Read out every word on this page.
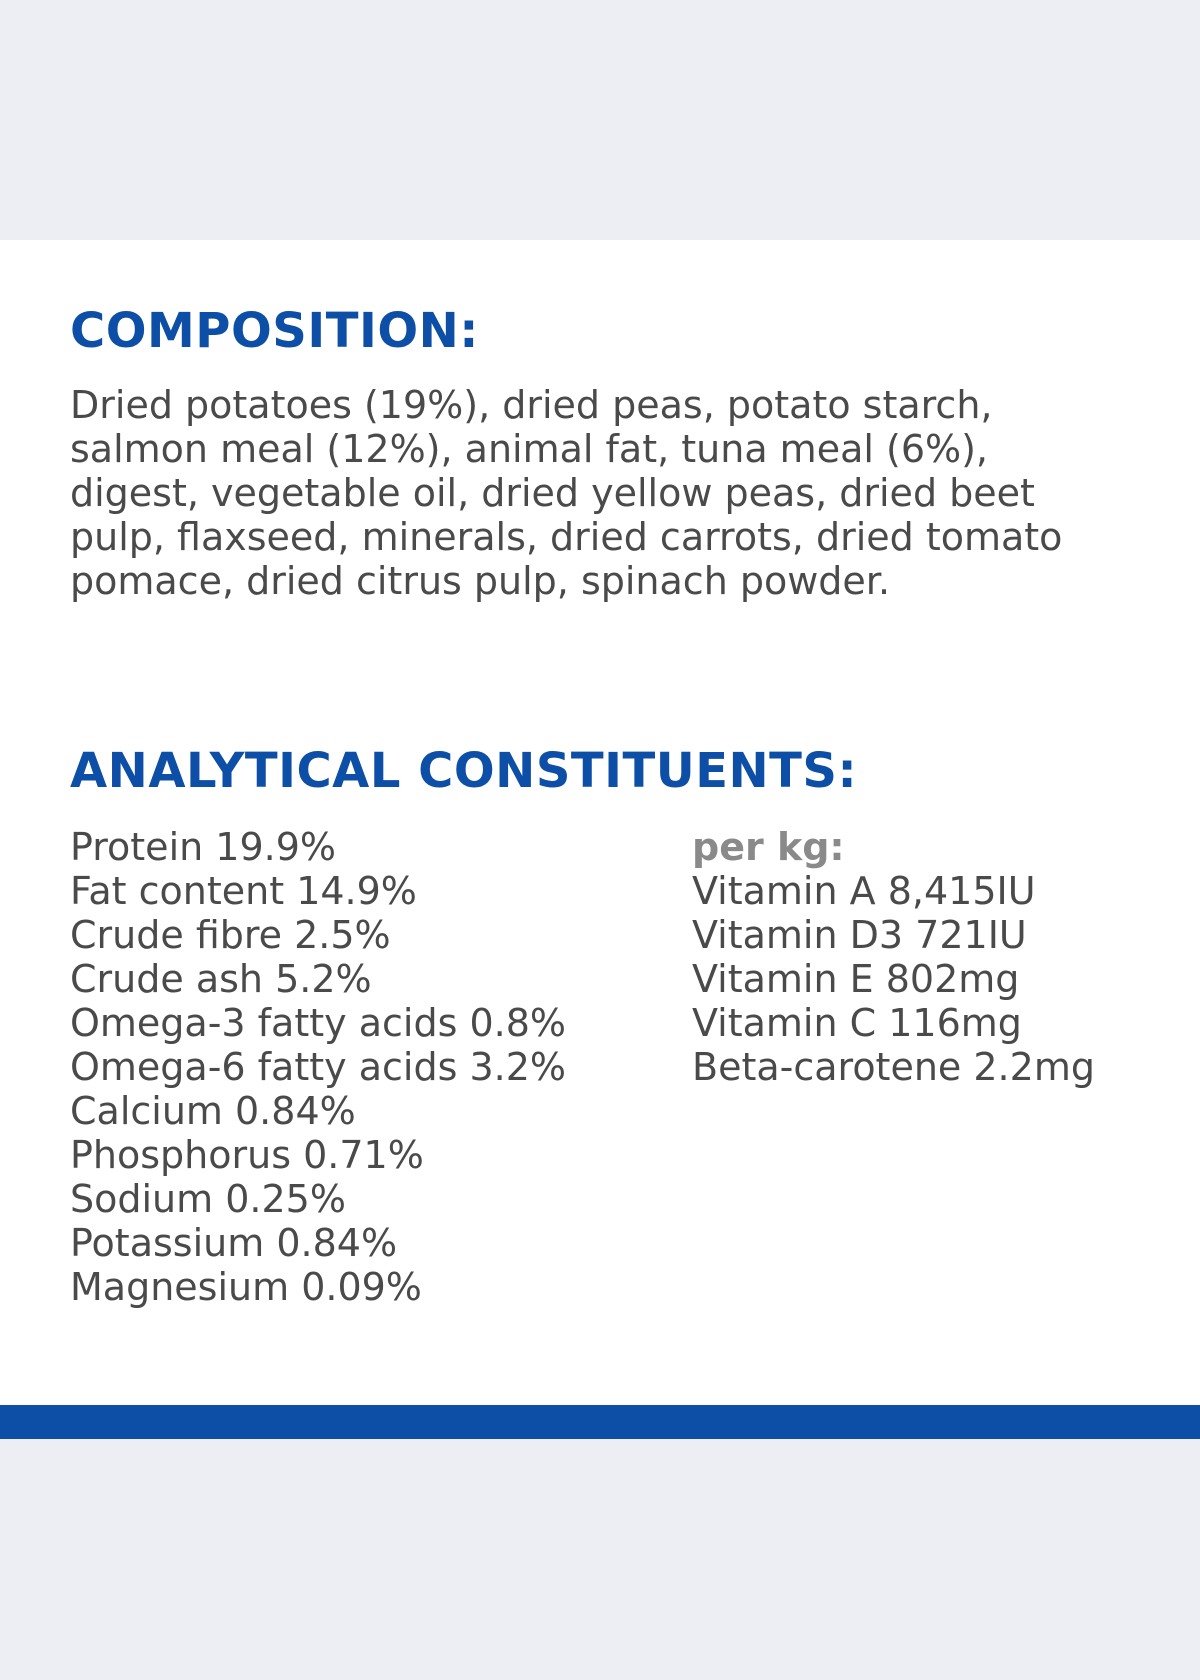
COMPOSITION:

Dried potatoes (19%), dried peas, potato starch,
salmon meal (12%), animal fat, tuna meal (6%),
digest, vegetable oil, dried yellow peas, dried beet
pulp, flaxseed, minerals, dried carrots, dried tomato
pomace, dried citrus pulp, spinach powder.

ANALYTICAL CONSTITUENTS:
Protein 19.9%
Fat content 14.9%
Crude fibre 2.5%
Crude ash 5.2%
Omega-3 fatty acids 0.8%
Omega-6 fatty acids 3.2%
Calcium 0.84%
Phosphorus 0.71%
Sodium 0.25%
Potassium 0.84%
Magnesium 0.09%
per kg:
Vitamin A 8,415IU
Vitamin D3 721IU
Vitamin E 802mg
Vitamin C 116mg
Beta-carotene 2.2mg
